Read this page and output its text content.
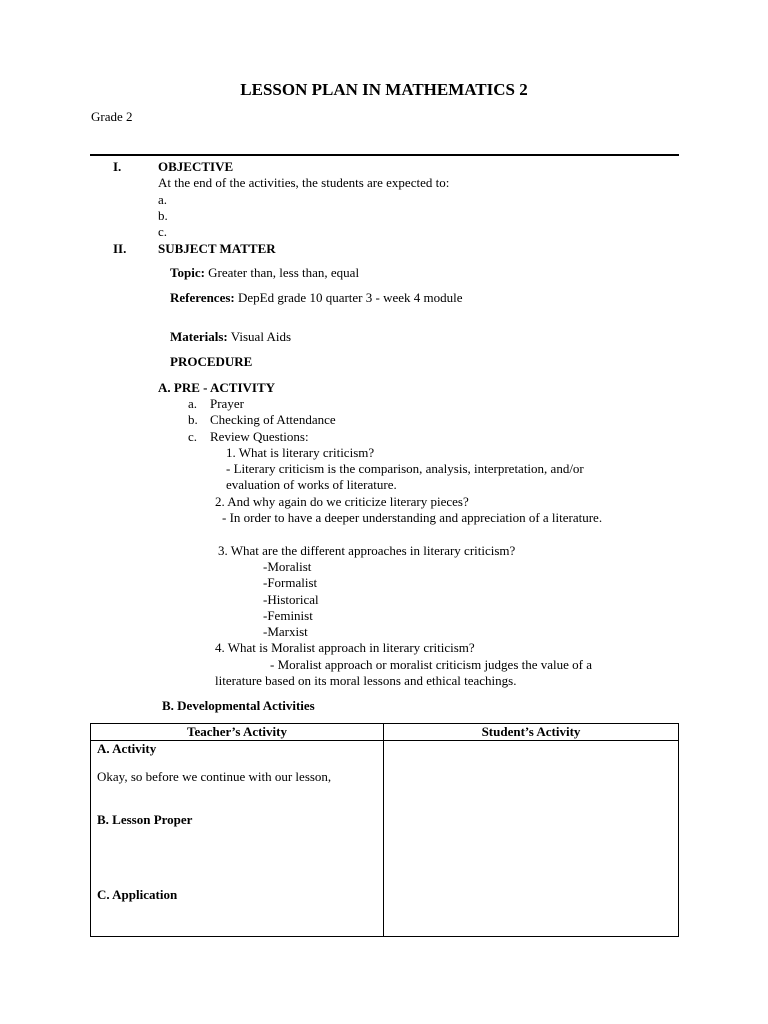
LESSON PLAN IN MATHEMATICS 2
Grade 2
I.	OBJECTIVE
At the end of the activities, the students are expected to:
a.
b.
c.
II. SUBJECT MATTER
Topic: Greater than, less than, equal
References: DepEd grade 10 quarter 3 - week 4 module
Materials: Visual Aids
PROCEDURE
A. PRE - ACTIVITY
a. Prayer
b. Checking of Attendance
c. Review Questions:
1. What is literary criticism?
- Literary criticism is the comparison, analysis, interpretation, and/or
evaluation of works of literature.
2. And why again do we criticize literary pieces?
- In order to have a deeper understanding and appreciation of a literature.
3. What are the different approaches in literary criticism?
-Moralist
-Formalist
-Historical
-Feminist
-Marxist
4. What is Moralist approach in literary criticism?
- Moralist approach or moralist criticism judges the value of a
literature based on its moral lessons and ethical teachings.
B. Developmental Activities
Teacher’s Activity	Student’s Activity

A. Activity
Okay, so before we continue with our lesson,
B. Lesson Proper
C. Application	
